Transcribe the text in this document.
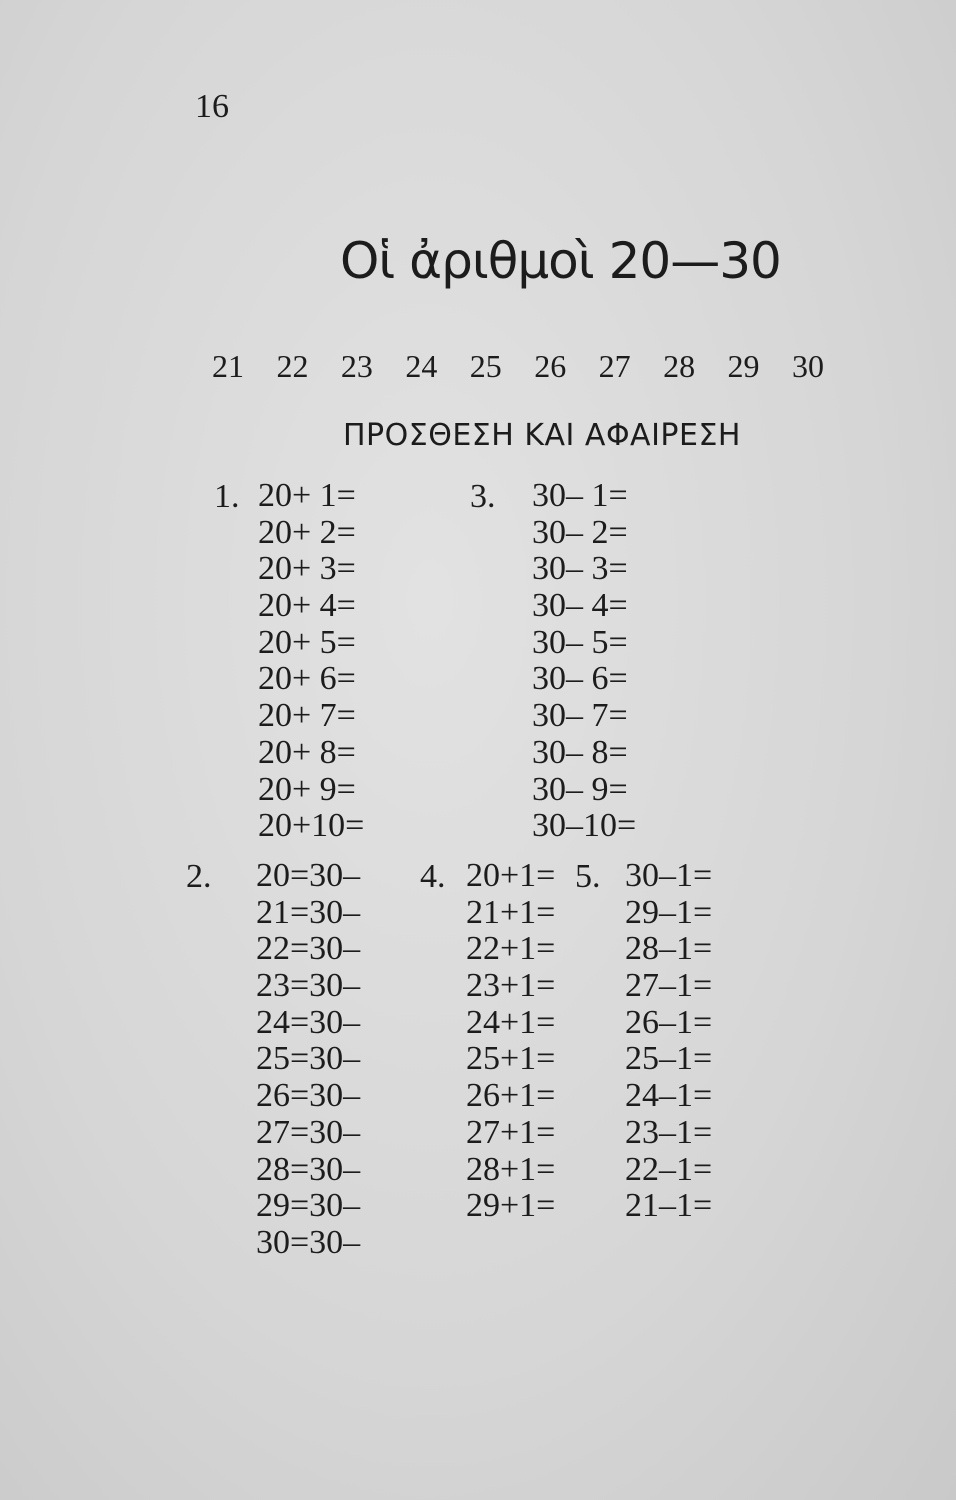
16
Οἱ ἀριθμοὶ 20—30
21 22 23 24 25 26 27 28 29 30
ΠΡΟΣΘΕΣΗ ΚΑΙ ΑΦΑΙΡΕΣΗ
1. 20+ 1=
20+ 2=
20+ 3=
20+ 4=
20+ 5=
20+ 6=
20+ 7=
20+ 8=
20+ 9=
20+10=
3. 30– 1=
30– 2=
30– 3=
30– 4=
30– 5=
30– 6=
30– 7=
30– 8=
30– 9=
30–10=
2. 20=30–
21=30–
22=30–
23=30–
24=30–
25=30–
26=30–
27=30–
28=30–
29=30–
30=30–
4. 20+1=
21+1=
22+1=
23+1=
24+1=
25+1=
26+1=
27+1=
28+1=
29+1=
5. 30–1=
29–1=
28–1=
27–1=
26–1=
25–1=
24–1=
23–1=
22–1=
21–1=
